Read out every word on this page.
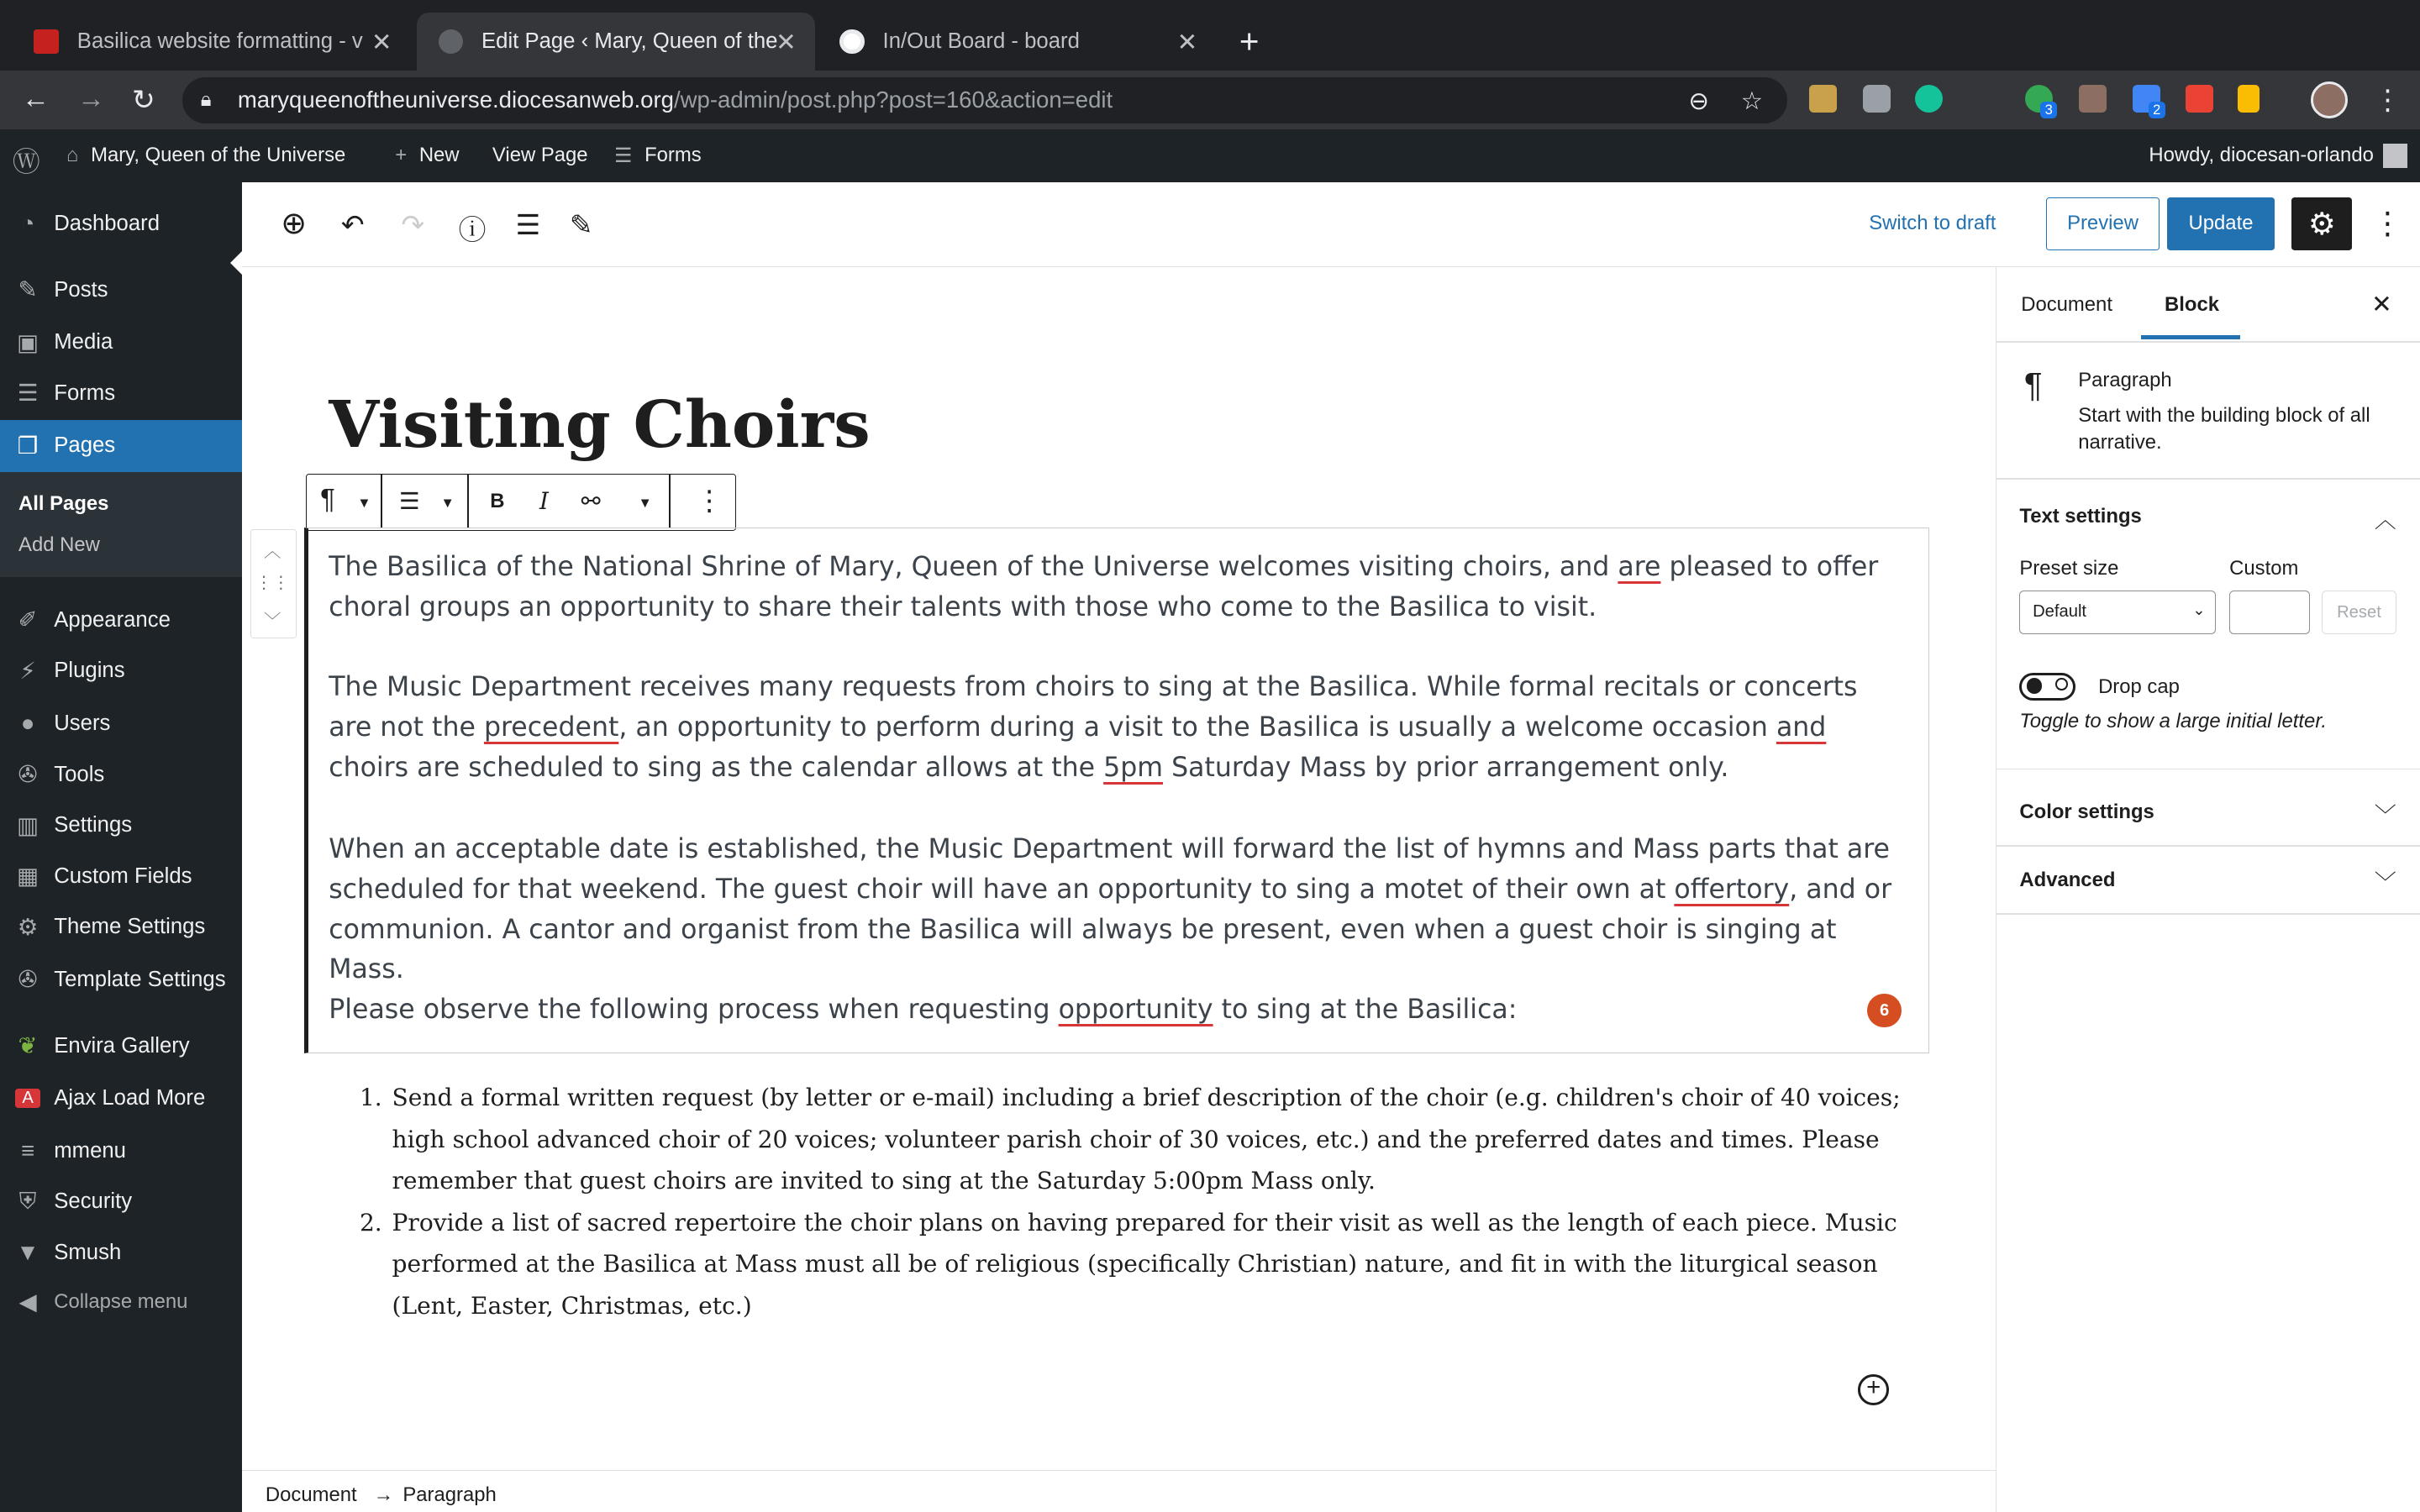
Basilica website formatting - v ✕	Edit Page ‹ Mary, Queen of the
✕	In/Out Board - board	✕ +
← →	↻	🔒︎	maryqueenoftheuniverse.diocesanweb.org/wp-admin/post.php?post=160&action=edit	⊖ ☆	3	2	⋮
Ⓦ ⌂ Mary, Queen of the Universe	+ New	View Page ☰ Forms	Howdy, diocesan-orlando
All Pages
Add New
◔	Dashboard
✎	Posts
▣	Media
☰	Forms
❐	Pages
✐	Appearance
⚡	Plugins
●	Users
✇	Tools
▥	Settings
▦	Custom Fields
⚙	Theme Settings
✇	Template Settings
❦	Envira Gallery
A	Ajax Load More
≡	mmenu
⛨	Security
▼	Smush
◀	Collapse menu
⊕ ↶ ↷ ⓘ ☰ ✎	Switch to draft	Preview	Update	⚙	⋮
Visiting Choirs
¶	▼ ☰	▼	B	I	⚯	▼	⋮
︿
⋮⋮
﹀
The Basilica of the National Shrine of Mary, Queen of the Universe welcomes visiting choirs, and are pleased to offer choral groups an opportunity to share their talents with those who come to the Basilica to visit.
The Music Department receives many requests from choirs to sing at the Basilica. While formal recitals or concerts are not the precedent, an opportunity to perform during a visit to the Basilica is usually a welcome occasion and choirs are scheduled to sing as the calendar allows at the 5pm Saturday Mass by prior arrangement only.
When an acceptable date is established, the Music Department will forward the list of hymns and Mass parts that are scheduled for that weekend. The guest choir will have an opportunity to sing a motet of their own at offertory, and or communion. A cantor and organist from the Basilica will always be present, even when a guest choir is singing at Mass.
Please observe the following process when requesting opportunity to sing at the Basilica:	6
1. Send a formal written request (by letter or e-mail) including a brief description of the choir (e.g. children's choir of 40 voices; high school advanced choir of 20 voices; volunteer parish choir of 30 voices, etc.) and the preferred dates and times. Please remember that guest choirs are invited to sing at the Saturday 5:00pm Mass only.
2. Provide a list of sacred repertoire the choir plans on having prepared for their visit as well as the length of each piece. Music performed at the Basilica at Mass must all be of religious (specifically Christian) nature, and fit in with the liturgical season (Lent, Easter, Christmas, etc.)
+
Document → Paragraph
Document	Block	✕
¶	Paragraph
Start with the building block of all narrative.
Text settings	︿
Preset size	Custom
Default	⌄	Reset
Drop cap
Toggle to show a large initial letter.
Color settings	﹀
Advanced	﹀
